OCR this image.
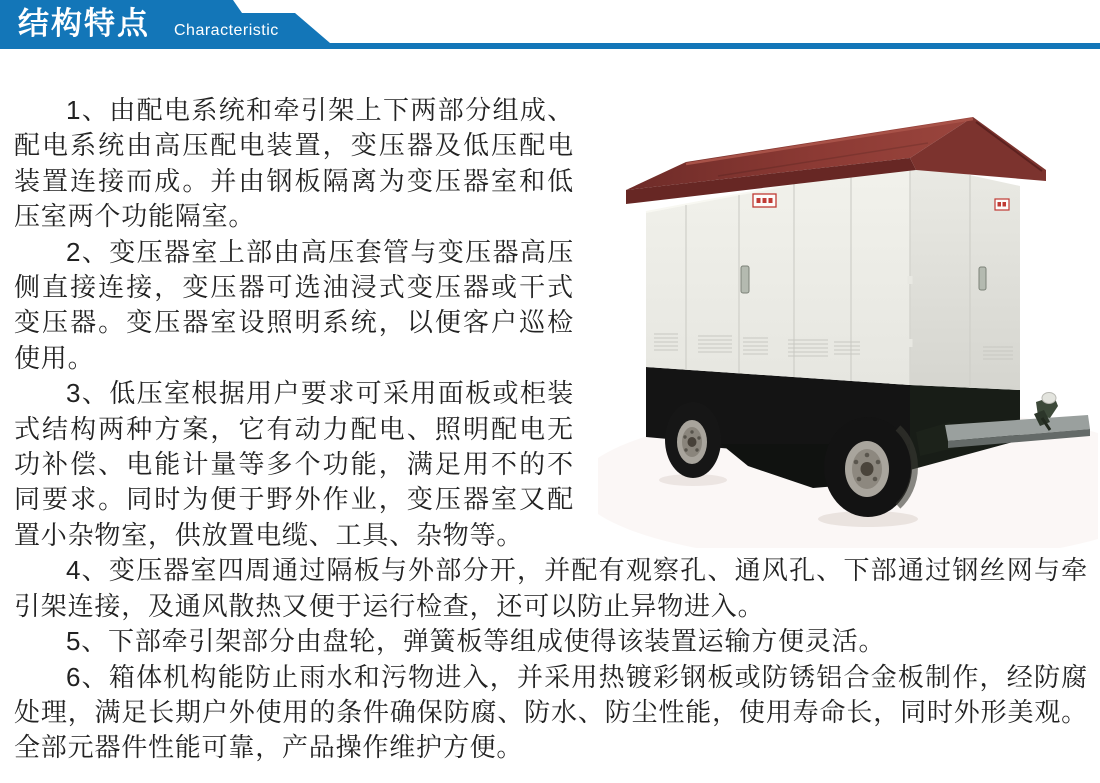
结构特点 Characteristic

1、由配电系统和牵引架上下两部分组成、配电系统由高压配电装置，变压器及低压配电装置连接而成。并由钢板隔离为变压器室和低压室两个功能隔室。

2、变压器室上部由高压套管与变压器高压侧直接连接，变压器可选油浸式变压器或干式变压器。变压器室设照明系统，以便客户巡检使用。

3、低压室根据用户要求可采用面板或柜装式结构两种方案，它有动力配电、照明配电无功补偿、电能计量等多个功能，满足用不的不同要求。同时为便于野外作业，变压器室又配置小杂物室，供放置电缆、工具、杂物等。

4、变压器室四周通过隔板与外部分开，并配有观察孔、通风孔、下部通过钢丝网与牵引架连接，及通风散热又便于运行检查，还可以防止异物进入。

5、下部牵引架部分由盘轮，弹簧板等组成使得该装置运输方便灵活。

6、箱体机构能防止雨水和污物进入，并采用热镀彩钢板或防锈铝合金板制作，经防腐处理，满足长期户外使用的条件确保防腐、防水、防尘性能，使用寿命长，同时外形美观。全部元器件性能可靠，产品操作维护方便。
